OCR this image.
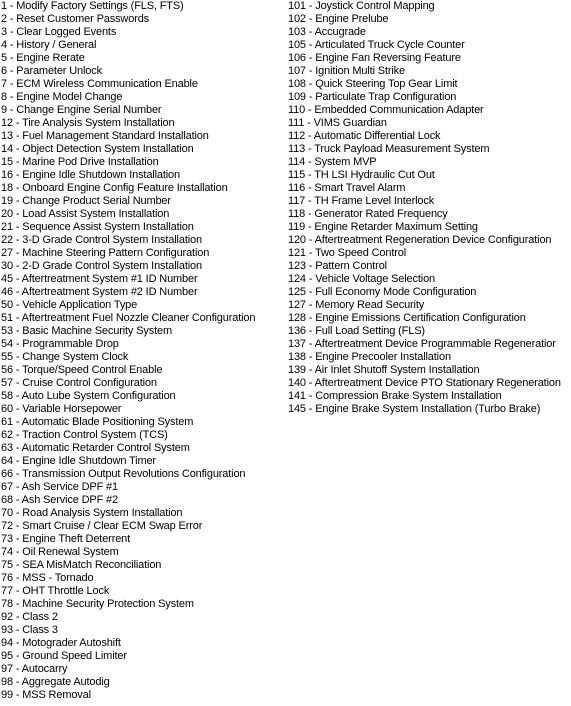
1 - Modify Factory Settings (FLS, FTS)
2 - Reset Customer Passwords
3 - Clear Logged Events
4 - History / General
5 - Engine Rerate
6 - Parameter Unlock
7 - ECM Wireless Communication Enable
8 - Engine Model Change
9 - Change Engine Serial Number
12 - Tire Analysis System Installation
13 - Fuel Management Standard Installation
14 - Object Detection System Installation
15 - Marine Pod Drive Installation
16 - Engine Idle Shutdown Installation
18 - Onboard Engine Config Feature Installation
19 - Change Product Serial Number
20 - Load Assist System Installation
21 - Sequence Assist System Installation
22 - 3-D Grade Control System Installation
27 - Machine Steering Pattern Configuration
30 - 2-D Grade Control System Installation
45 - Aftertreatment System #1 ID Number
46 - Aftertreatment System #2 ID Number
50 - Vehicle Application Type
51 - Aftertreatment Fuel Nozzle Cleaner Configuration
53 - Basic Machine Security System
54 - Programmable Drop
55 - Change System Clock
56 - Torque/Speed Control Enable
57 - Cruise Control Configuration
58 - Auto Lube System Configuration
60 - Variable Horsepower
61 - Automatic Blade Positioning System
62 - Traction Control System (TCS)
63 - Automatic Retarder Control System
64 - Engine Idle Shutdown Timer
66 - Transmission Output Revolutions Configuration
67 - Ash Service DPF #1
68 - Ash Service DPF #2
70 - Road Analysis System Installation
72 - Smart Cruise / Clear ECM Swap Error
73 - Engine Theft Deterrent
74 - Oil Renewal System
75 - SEA MisMatch Reconciliation
76 - MSS - Tornado
77 - OHT Throttle Lock
78 - Machine Security Protection System
92 - Class 2
93 - Class 3
94 - Motograder Autoshift
95 - Ground Speed Limiter
97 - Autocarry
98 - Aggregate Autodig
99 - MSS Removal
101 - Joystick Control Mapping
102 - Engine Prelube
103 - Accugrade
105 - Articulated Truck Cycle Counter
106 - Engine Fan Reversing Feature
107 - Ignition Multi Strike
108 - Quick Steering Top Gear Limit
109 - Particulate Trap Configuration
110 - Embedded Communication Adapter
111 - VIMS Guardian
112 - Automatic Differential Lock
113 - Truck Payload Measurement System
114 - System MVP
115 - TH LSI Hydraulic Cut Out
116 - Smart Travel Alarm
117 - TH Frame Level Interlock
118 - Generator Rated Frequency
119 - Engine Retarder Maximum Setting
120 - Aftertreatment Regeneration Device Configuration
121 - Two Speed Control
123 - Pattern Control
124 - Vehicle Voltage Selection
125 - Full Economy Mode Configuration
127 - Memory Read Security
128 - Engine Emissions Certification Configuration
136 - Full Load Setting (FLS)
137 - Aftertreatment Device Programmable Regeneratior
138 - Engine Precooler Installation
139 - Air Inlet Shutoff System Installation
140 - Aftertreatment Device PTO Stationary Regeneration
141 - Compression Brake System Installation
145 - Engine Brake System Installation (Turbo Brake)
